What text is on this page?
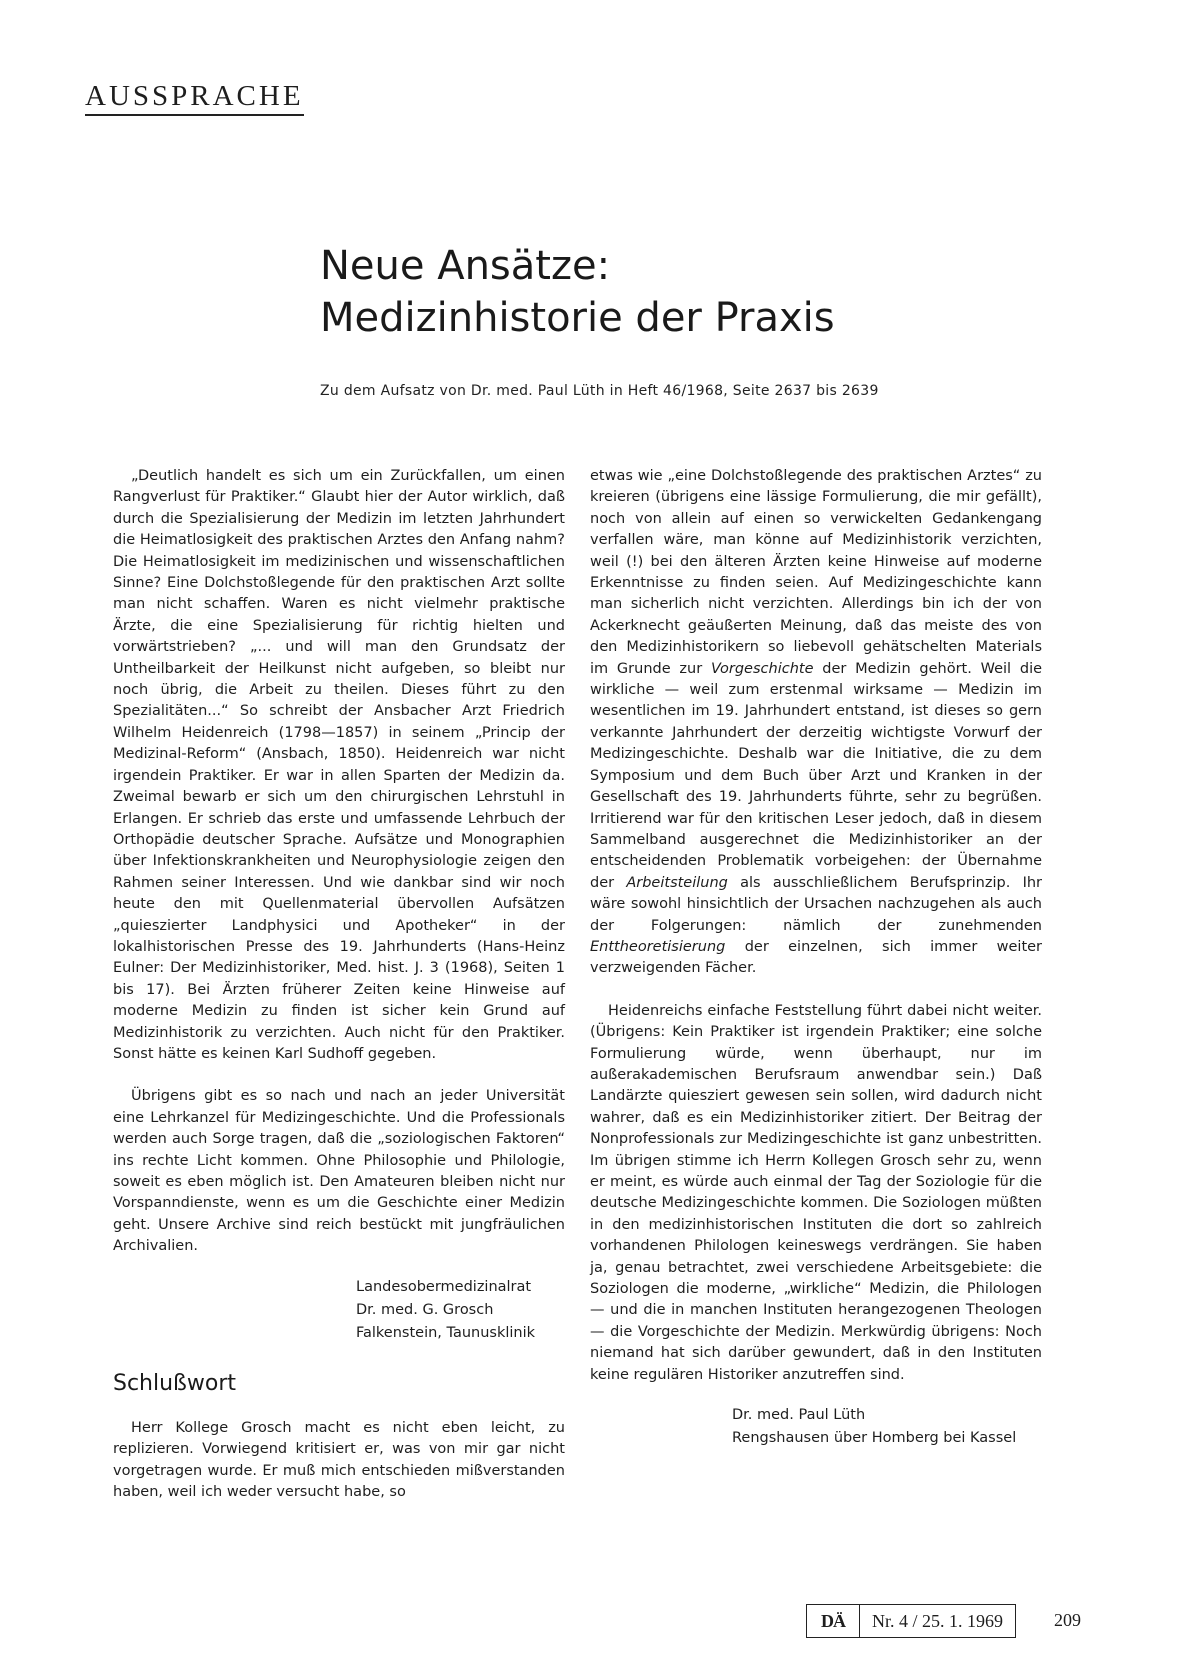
AUSSPRACHE
Neue Ansätze:
Medizinhistorie der Praxis

Zu dem Aufsatz von Dr. med. Paul Lüth in Heft 46/1968, Seite 2637 bis 2639

„Deutlich handelt es sich um ein Zurückfallen, um einen Rangverlust für Praktiker.“ Glaubt hier der Autor wirklich, daß durch die Spezialisierung der Medizin im letzten Jahrhundert die Heimatlosigkeit des praktischen Arztes den Anfang nahm? Die Heimatlosigkeit im medizinischen und wissenschaftlichen Sinne? Eine Dolchstoßlegende für den praktischen Arzt sollte man nicht schaffen. Waren es nicht vielmehr praktische Ärzte, die eine Spezialisierung für richtig hielten und vorwärtstrieben? „... und will man den Grundsatz der Untheilbarkeit der Heilkunst nicht aufgeben, so bleibt nur noch übrig, die Arbeit zu theilen. Dieses führt zu den Spezialitäten...“ So schreibt der Ansbacher Arzt Friedrich Wilhelm Heidenreich (1798—1857) in seinem „Princip der Medizinal-Reform“ (Ansbach, 1850). Heidenreich war nicht irgendein Praktiker. Er war in allen Sparten der Medizin da. Zweimal bewarb er sich um den chirurgischen Lehrstuhl in Erlangen. Er schrieb das erste und umfassende Lehrbuch der Orthopädie deutscher Sprache. Aufsätze und Monographien über Infektionskrankheiten und Neurophysiologie zeigen den Rahmen seiner Interessen. Und wie dankbar sind wir noch heute den mit Quellenmaterial übervollen Aufsätzen „quieszierter Landphysici und Apotheker“ in der lokalhistorischen Presse des 19. Jahrhunderts (Hans-Heinz Eulner: Der Medizinhistoriker, Med. hist. J. 3 (1968), Seiten 1 bis 17). Bei Ärzten früherer Zeiten keine Hinweise auf moderne Medizin zu finden ist sicher kein Grund auf Medizinhistorik zu verzichten. Auch nicht für den Praktiker. Sonst hätte es keinen Karl Sudhoff gegeben.

Übrigens gibt es so nach und nach an jeder Universität eine Lehrkanzel für Medizingeschichte. Und die Professionals werden auch Sorge tragen, daß die „soziologischen Faktoren“ ins rechte Licht kommen. Ohne Philosophie und Philologie, soweit es eben möglich ist. Den Amateuren bleiben nicht nur Vorspanndienste, wenn es um die Geschichte einer Medizin geht. Unsere Archive sind reich bestückt mit jungfräulichen Archivalien.

Landesobermedizinalrat
Dr. med. G. Grosch
Falkenstein, Taunusklinik
Schlußwort

Herr Kollege Grosch macht es nicht eben leicht, zu replizieren. Vorwiegend kritisiert er, was von mir gar nicht vorgetragen wurde. Er muß mich entschieden mißverstanden haben, weil ich weder versucht habe, so

etwas wie „eine Dolchstoßlegende des praktischen Arztes“ zu kreieren (übrigens eine lässige Formulierung, die mir gefällt), noch von allein auf einen so verwickelten Gedankengang verfallen wäre, man könne auf Medizinhistorik verzichten, weil (!) bei den älteren Ärzten keine Hinweise auf moderne Erkenntnisse zu finden seien. Auf Medizingeschichte kann man sicherlich nicht verzichten. Allerdings bin ich der von Ackerknecht geäußerten Meinung, daß das meiste des von den Medizinhistorikern so liebevoll gehätschelten Materials im Grunde zur Vorgeschichte der Medizin gehört. Weil die wirkliche — weil zum erstenmal wirksame — Medizin im wesentlichen im 19. Jahrhundert entstand, ist dieses so gern verkannte Jahrhundert der derzeitig wichtigste Vorwurf der Medizingeschichte. Deshalb war die Initiative, die zu dem Symposium und dem Buch über Arzt und Kranken in der Gesellschaft des 19. Jahrhunderts führte, sehr zu begrüßen. Irritierend war für den kritischen Leser jedoch, daß in diesem Sammelband ausgerechnet die Medizinhistoriker an der entscheidenden Problematik vorbeigehen: der Übernahme der Arbeitsteilung als ausschließlichem Berufsprinzip. Ihr wäre sowohl hinsichtlich der Ursachen nachzugehen als auch der Folgerungen: nämlich der zunehmenden Enttheoretisierung der einzelnen, sich immer weiter verzweigenden Fächer.

Heidenreichs einfache Feststellung führt dabei nicht weiter. (Übrigens: Kein Praktiker ist irgendein Praktiker; eine solche Formulierung würde, wenn überhaupt, nur im außerakademischen Berufsraum anwendbar sein.) Daß Landärzte quiesziert gewesen sein sollen, wird dadurch nicht wahrer, daß es ein Medizinhistoriker zitiert. Der Beitrag der Nonprofessionals zur Medizingeschichte ist ganz unbestritten. Im übrigen stimme ich Herrn Kollegen Grosch sehr zu, wenn er meint, es würde auch einmal der Tag der Soziologie für die deutsche Medizingeschichte kommen. Die Soziologen müßten in den medizinhistorischen Instituten die dort so zahlreich vorhandenen Philologen keineswegs verdrängen. Sie haben ja, genau betrachtet, zwei verschiedene Arbeitsgebiete: die Soziologen die moderne, „wirkliche“ Medizin, die Philologen — und die in manchen Instituten herangezogenen Theologen — die Vorgeschichte der Medizin. Merkwürdig übrigens: Noch niemand hat sich darüber gewundert, daß in den Instituten keine regulären Historiker anzutreffen sind.

Dr. med. Paul Lüth
Rengshausen über Homberg bei Kassel
DÄ	Nr. 4 / 25. 1. 1969	209
